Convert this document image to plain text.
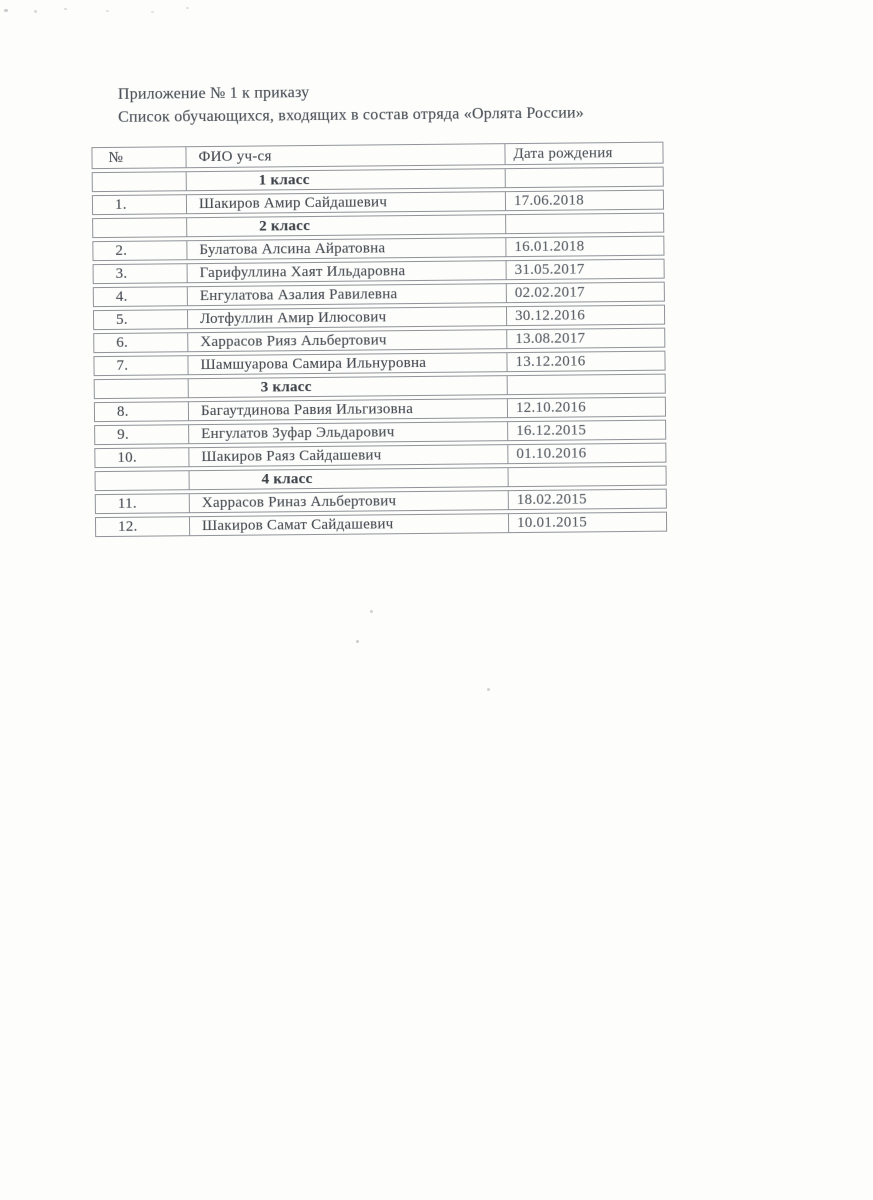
Приложение № 1 к приказу
Список обучающихся, входящих в состав отряда «Орлята России»
№	ФИО уч-ся	Дата рождения
1 класс
1.	Шакиров Амир Сайдашевич	17.06.2018
2 класс
2.	Булатова Алсина Айратовна	16.01.2018
3.	Гарифуллина Хаят Ильдаровна	31.05.2017
4.	Енгулатова Азалия Равилевна	02.02.2017
5.	Лотфуллин Амир Илюсович	30.12.2016
6.	Харрасов Рияз Альбертович	13.08.2017
7.	Шамшуарова Самира Ильнуровна	13.12.2016
3 класс
8.	Багаутдинова Равия Ильгизовна	12.10.2016
9.	Енгулатов Зуфар Эльдарович	16.12.2015
10.	Шакиров Раяз Сайдашевич	01.10.2016
4 класс
11.	Харрасов Риназ Альбертович	18.02.2015
12.	Шакиров Самат Сайдашевич	10.01.2015
